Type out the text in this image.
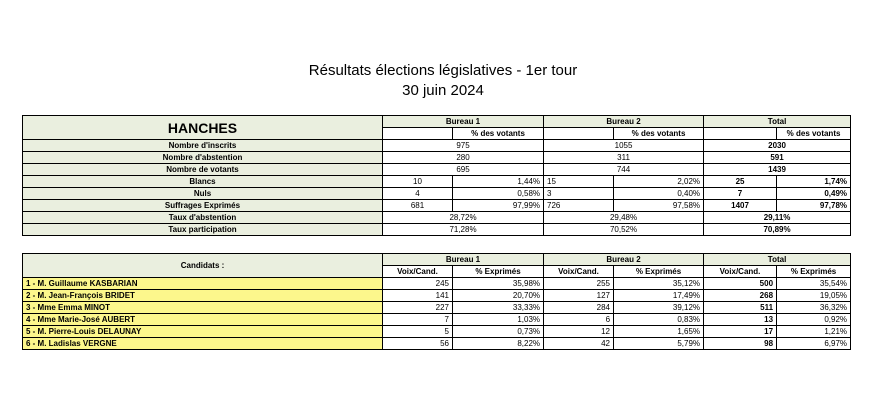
Résultats élections législatives - 1er tour
30 juin 2024
HANCHES	Bureau 1		Bureau 2		Total	
		% des votants		% des votants		% des votants
Nombre d'inscrits	975		1055		2030	
Nombre d'abstention	280		311		591	
Nombre de votants	695		744		1439	
Blancs	10	1,44%	15	2,02%	25	1,74%
Nuls	4	0,58%	3	0,40%	7	0,49%
Suffrages Exprimés	681	97,99%	726	97,58%	1407	97,78%
Taux d'abstention	28,72%		29,48%		29,11%	
Taux participation	71,28%		70,52%		70,89%	
Candidats :	Bureau 1		Bureau 2		Total	
	Voix/Cand.	% Exprimés	Voix/Cand.	% Exprimés	Voix/Cand.	% Exprimés
1 - M. Guillaume KASBARIAN	245	35,98%	255	35,12%	500	35,54%
2 - M. Jean-François BRIDET	141	20,70%	127	17,49%	268	19,05%
3 - Mme Emma MINOT	227	33,33%	284	39,12%	511	36,32%
4 - Mme Marie-José AUBERT	7	1,03%	6	0,83%	13	0,92%
5 - M. Pierre-Louis DELAUNAY	5	0,73%	12	1,65%	17	1,21%
6 - M. Ladislas VERGNE	56	8,22%	42	5,79%	98	6,97%
